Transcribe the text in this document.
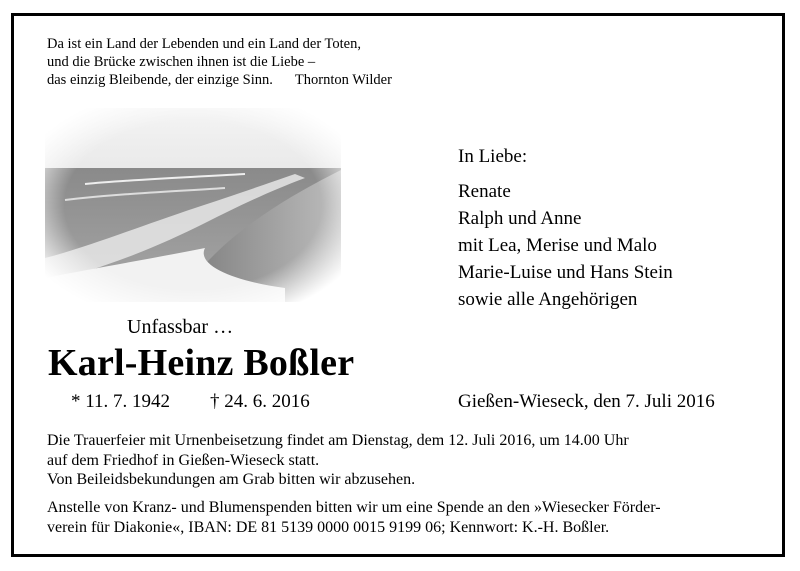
Da ist ein Land der Lebenden und ein Land der Toten,
und die Brücke zwischen ihnen ist die Liebe –
das einzig Bleibende, der einzige Sinn. Thornton Wilder
In Liebe:
Renate
Ralph und Anne
mit Lea, Merise und Malo
Marie-Luise und Hans Stein
sowie alle Angehörigen
Unfassbar …
Karl-Heinz Boßler
* 11. 7. 1942 † 24. 6. 2016	Gießen-Wieseck, den 7. Juli 2016
Die Trauerfeier mit Urnenbeisetzung findet am Dienstag, dem 12. Juli 2016, um 14.00 Uhr
auf dem Friedhof in Gießen-Wieseck statt.
Von Beileidsbekundungen am Grab bitten wir abzusehen.
Anstelle von Kranz- und Blumenspenden bitten wir um eine Spende an den »Wiesecker Förder-
verein für Diakonie«, IBAN: DE 81 5139 0000 0015 9199 06; Kennwort: K.-H. Boßler.
